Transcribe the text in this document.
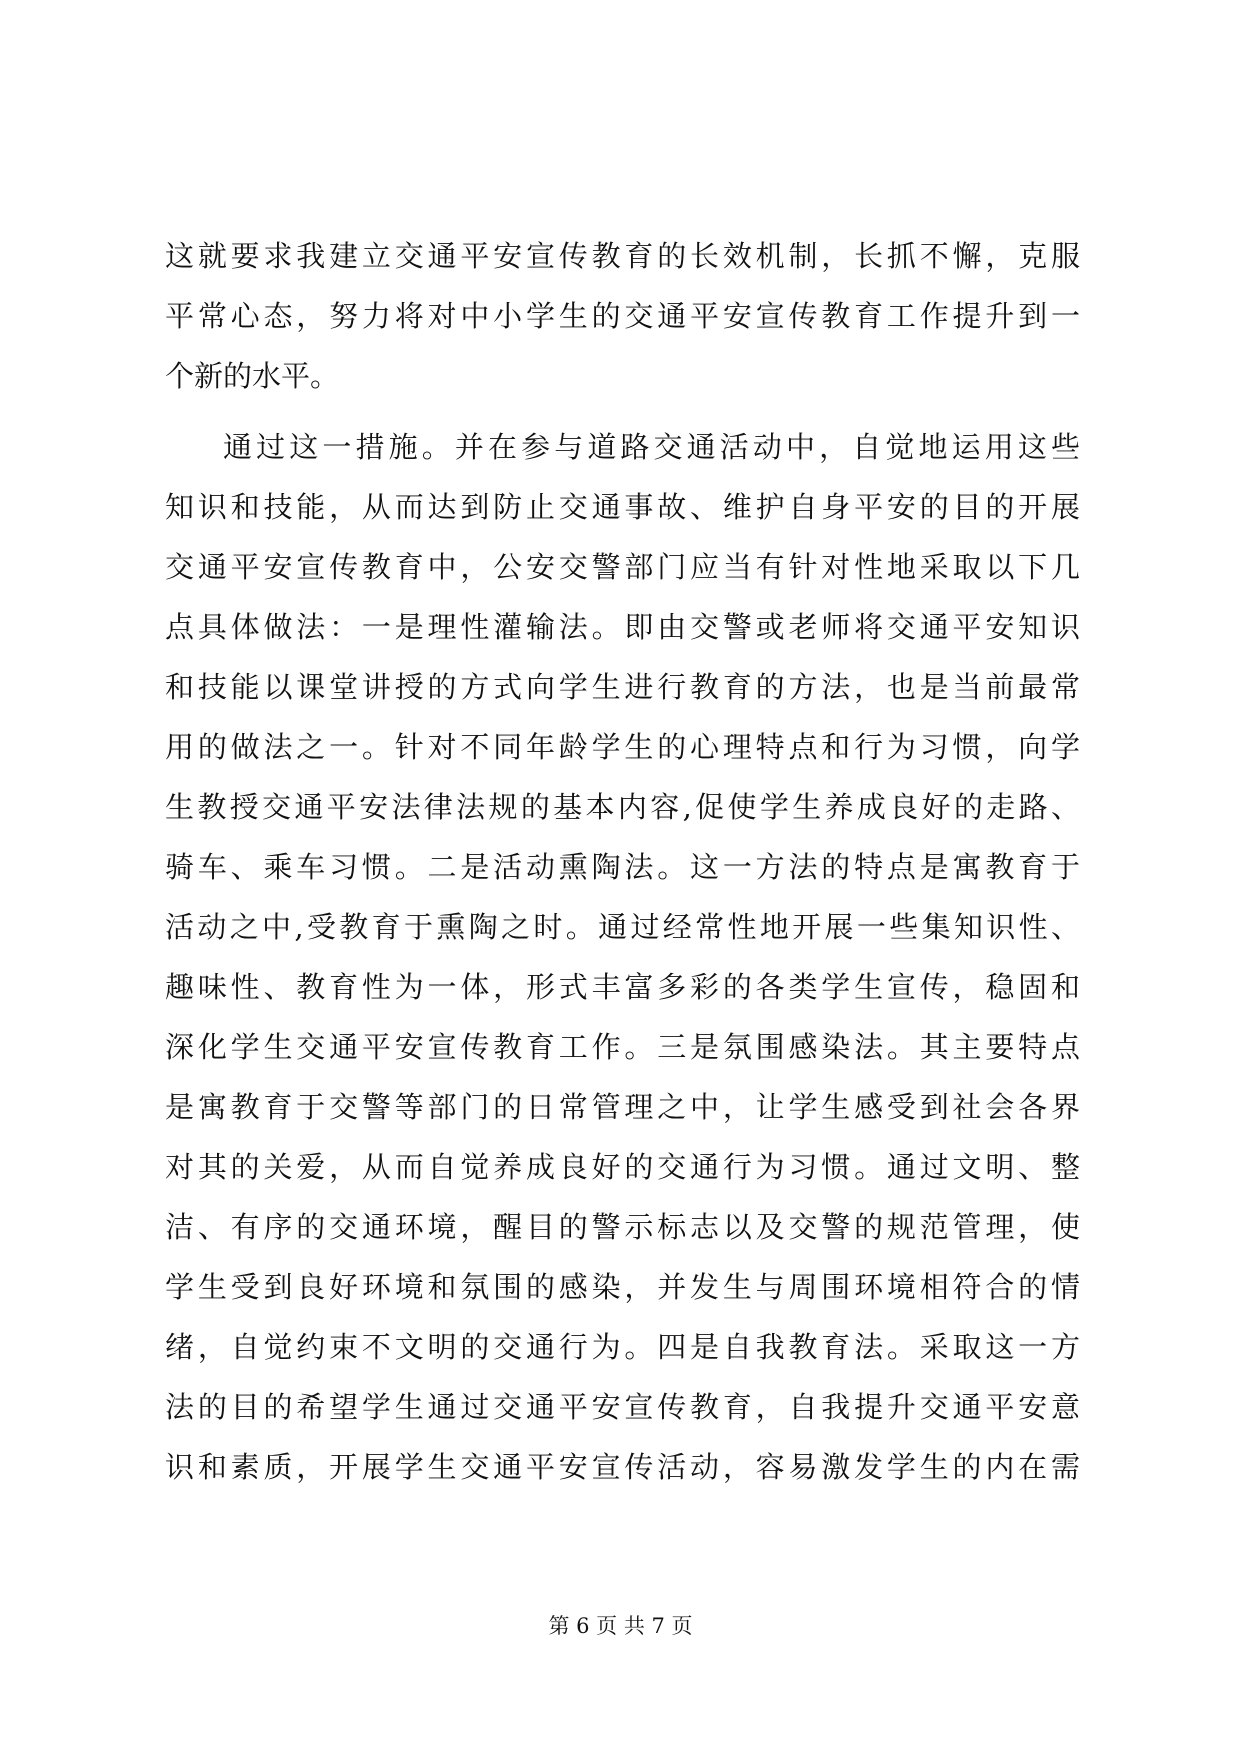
这就要求我建立交通平安宣传教育的长效机制，长抓不懈，克服
平常心态，努力将对中小学生的交通平安宣传教育工作提升到一
个新的水平。
通过这一措施。并在参与道路交通活动中，自觉地运用这些
知识和技能，从而达到防止交通事故、维护自身平安的目的开展
交通平安宣传教育中，公安交警部门应当有针对性地采取以下几
点具体做法：一是理性灌输法。即由交警或老师将交通平安知识
和技能以课堂讲授的方式向学生进行教育的方法，也是当前最常
用的做法之一。针对不同年龄学生的心理特点和行为习惯，向学
生教授交通平安法律法规的基本内容,促使学生养成良好的走路、
骑车、乘车习惯。二是活动熏陶法。这一方法的特点是寓教育于
活动之中,受教育于熏陶之时。通过经常性地开展一些集知识性、
趣味性、教育性为一体，形式丰富多彩的各类学生宣传，稳固和
深化学生交通平安宣传教育工作。三是氛围感染法。其主要特点
是寓教育于交警等部门的日常管理之中，让学生感受到社会各界
对其的关爱，从而自觉养成良好的交通行为习惯。通过文明、整
洁、有序的交通环境，醒目的警示标志以及交警的规范管理，使
学生受到良好环境和氛围的感染，并发生与周围环境相符合的情
绪，自觉约束不文明的交通行为。四是自我教育法。采取这一方
法的目的希望学生通过交通平安宣传教育，自我提升交通平安意
识和素质，开展学生交通平安宣传活动，容易激发学生的内在需
第 6 页 共 7 页
